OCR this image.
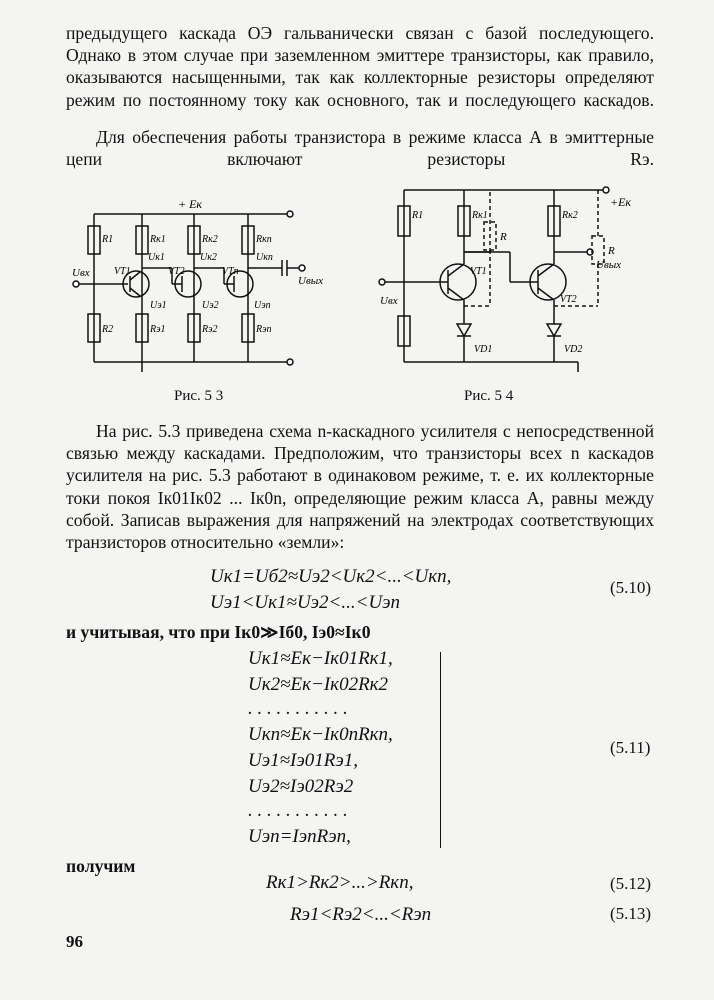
предыдущего каскада ОЭ гальванически связан с базой последующего. Однако в этом случае при заземленном эмиттере транзисторы, как правило, оказываются насыщенными, так как коллекторные резисторы определяют режим по постоянному току как основного, так и последующего каскадов.

Для обеспечения работы транзистора в режиме класса А в эмиттерные цепи включают резисторы Rэ.

+ Eк
R1
R2
Rк1	Rк2	Rкn
Rэ1	Rэ2	Rэn
VT1	VT2	VTn
Uк1	Uк2	Uкn
Uэ1	Uэ2	Uэn
Uвх
Uвых
Рис. 5 3
+Eк
R1	Rк1	Rк2
R
R
VT1
VT2
VD1	VD2
Uвх
Uвых
Рис. 5 4

На рис. 5.3 приведена схема n-каскадного усилителя с непосредственной связью между каскадами. Предположим, что транзисторы всех n каскадов усилителя на рис. 5.3 работают в одинаковом режиме, т. е. их коллекторные токи покоя Iк01Iк02 ... Iк0n, определяющие режим класса А, равны между собой. Записав выражения для напряжений на электродах соответствующих транзисторов относительно «земли»:

Uк1=Uб2≈Uэ2<Uк2<...<Uкn,
Uэ1<Uк1≈Uэ2<...<Uэn
(5.10)
и учитывая, что при Iк0≫Iб0, Iэ0≈Iк0
Uк1≈Eк−Iк01Rк1,
Uк2≈Eк−Iк02Rк2
. . . . . . . . . . .
Uкn≈Eк−Iк0nRкn,
Uэ1≈Iэ01Rэ1,
Uэ2≈Iэ02Rэ2
. . . . . . . . . . .
Uэn=IэnRэn,
(5.11)
получим
Rк1>Rк2>...>Rкn,	(5.12)
Rэ1<Rэ2<...<Rэn	(5.13)
96
